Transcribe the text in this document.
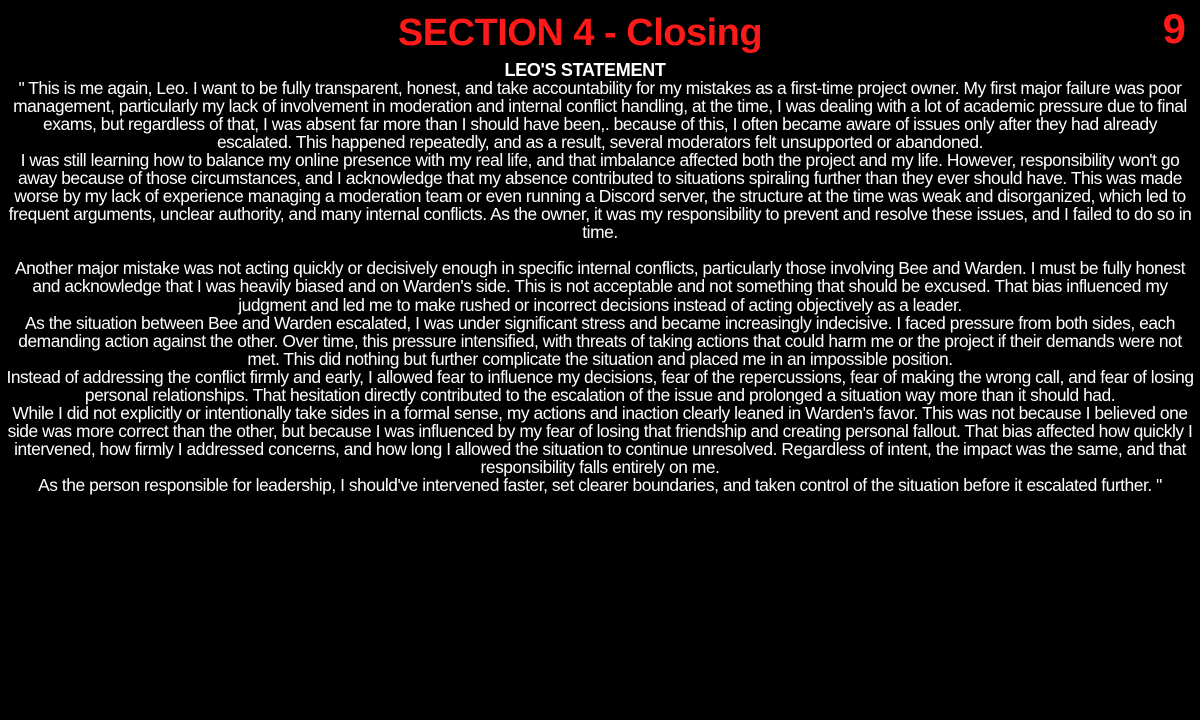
9
SECTION 4 - Closing
LEO'S STATEMENT

" This is me again, Leo. I want to be fully transparent, honest, and take accountability for my mistakes as a first-time project owner. My first major failure was poor management, particularly my lack of involvement in moderation and internal conflict handling, at the time, I was dealing with a lot of academic pressure due to final exams, but regardless of that, I was absent far more than I should have been,. because of this, I often became aware of issues only after they had already escalated. This happened repeatedly, and as a result, several moderators felt unsupported or abandoned.

I was still learning how to balance my online presence with my real life, and that imbalance affected both the project and my life. However, responsibility won't go away because of those circumstances, and I acknowledge that my absence contributed to situations spiraling further than they ever should have. This was made worse by my lack of experience managing a moderation team or even running a Discord server, the structure at the time was weak and disorganized, which led to frequent arguments, unclear authority, and many internal conflicts. As the owner, it was my responsibility to prevent and resolve these issues, and I failed to do so in time.

Another major mistake was not acting quickly or decisively enough in specific internal conflicts, particularly those involving Bee and Warden. I must be fully honest and acknowledge that I was heavily biased and on Warden's side. This is not acceptable and not something that should be excused. That bias influenced my judgment and led me to make rushed or incorrect decisions instead of acting objectively as a leader.

As the situation between Bee and Warden escalated, I was under significant stress and became increasingly indecisive. I faced pressure from both sides, each demanding action against the other. Over time, this pressure intensified, with threats of taking actions that could harm me or the project if their demands were not met. This did nothing but further complicate the situation and placed me in an impossible position.

Instead of addressing the conflict firmly and early, I allowed fear to influence my decisions, fear of the repercussions, fear of making the wrong call, and fear of losing personal relationships. That hesitation directly contributed to the escalation of the issue and prolonged a situation way more than it should had.

While I did not explicitly or intentionally take sides in a formal sense, my actions and inaction clearly leaned in Warden's favor. This was not because I believed one side was more correct than the other, but because I was influenced by my fear of losing that friendship and creating personal fallout. That bias affected how quickly I intervened, how firmly I addressed concerns, and how long I allowed the situation to continue unresolved. Regardless of intent, the impact was the same, and that responsibility falls entirely on me.

As the person responsible for leadership, I should've intervened faster, set clearer boundaries, and taken control of the situation before it escalated further. "
